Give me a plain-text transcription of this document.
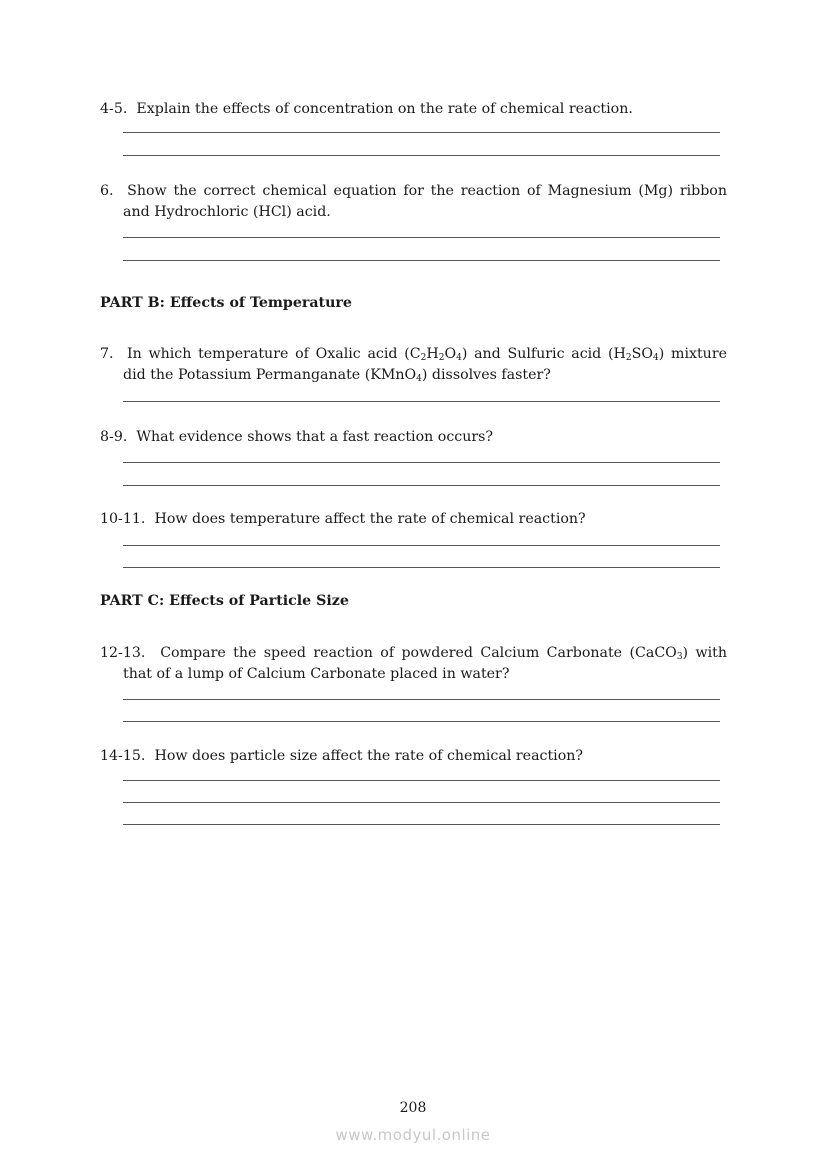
4-5. Explain the effects of concentration on the rate of chemical reaction.
6. Show the correct chemical equation for the reaction of Magnesium (Mg) ribbon
and Hydrochloric (HCl) acid.
PART B: Effects of Temperature
7. In which temperature of Oxalic acid $(C_2H_2O_4)$ and Sulfuric acid $(H_2SO_4)$ mixture
did the Potassium Permanganate (KMnO$_4$) dissolves faster?
8-9. What evidence shows that a fast reaction occurs?
10-11. How does temperature affect the rate of chemical reaction?
PART C: Effects of Particle Size
12-13. Compare the speed reaction of powdered Calcium Carbonate (CaCO$_3$) with
that of a lump of Calcium Carbonate placed in water?
14-15. How does particle size affect the rate of chemical reaction?
208
www.modyul.online
